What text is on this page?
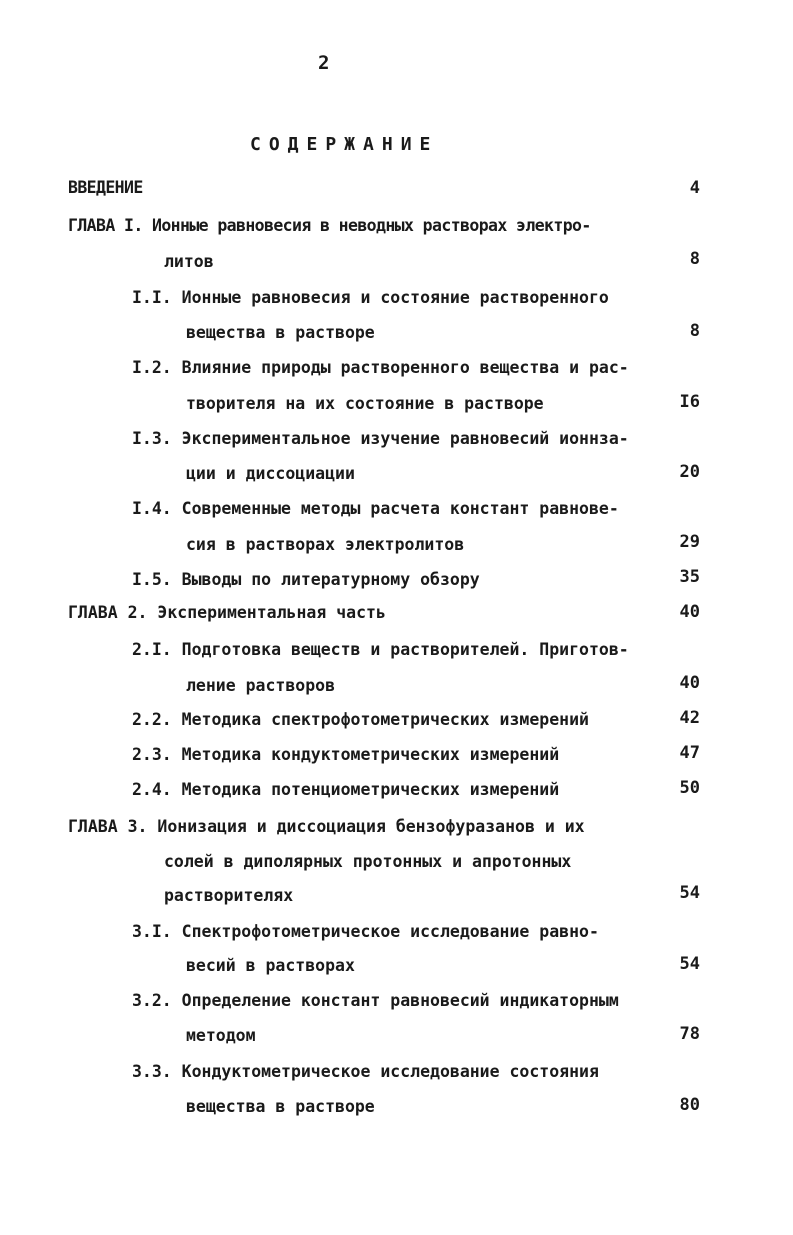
2
СОДЕРЖАНИЕ
ВВЕДЕНИЕ	4
ГЛАВА I. Ионные равновесия в неводных растворах электро-
литов	8
I.I. Ионные равновесия и состояние растворенного
вещества в растворе	8
I.2. Влияние природы растворенного вещества и рас-
творителя на их состояние в растворе	I6
I.3. Экспериментальное изучение равновесий ионнза-
ции и диссоциации	20
I.4. Современные методы расчета констант равнове-
сия в растворах электролитов	29
I.5. Выводы по литературному обзору	35
ГЛАВА 2. Экспериментальная часть	40
2.I. Подготовка веществ и растворителей. Приготов-
ление растворов	40
2.2. Методика спектрофотометрических измерений	42
2.3. Методика кондуктометрических измерений	47
2.4. Методика потенциометрических измерений	50
ГЛАВА 3. Ионизация и диссоциация бензофуразанов и их
солей в диполярных протонных и апротонных
растворителях	54
3.I. Спектрофотометрическое исследование равно-
весий в растворах	54
3.2. Определение констант равновесий индикаторным
методом	78
3.3. Кондуктометрическое исследование состояния
вещества в растворе	80
